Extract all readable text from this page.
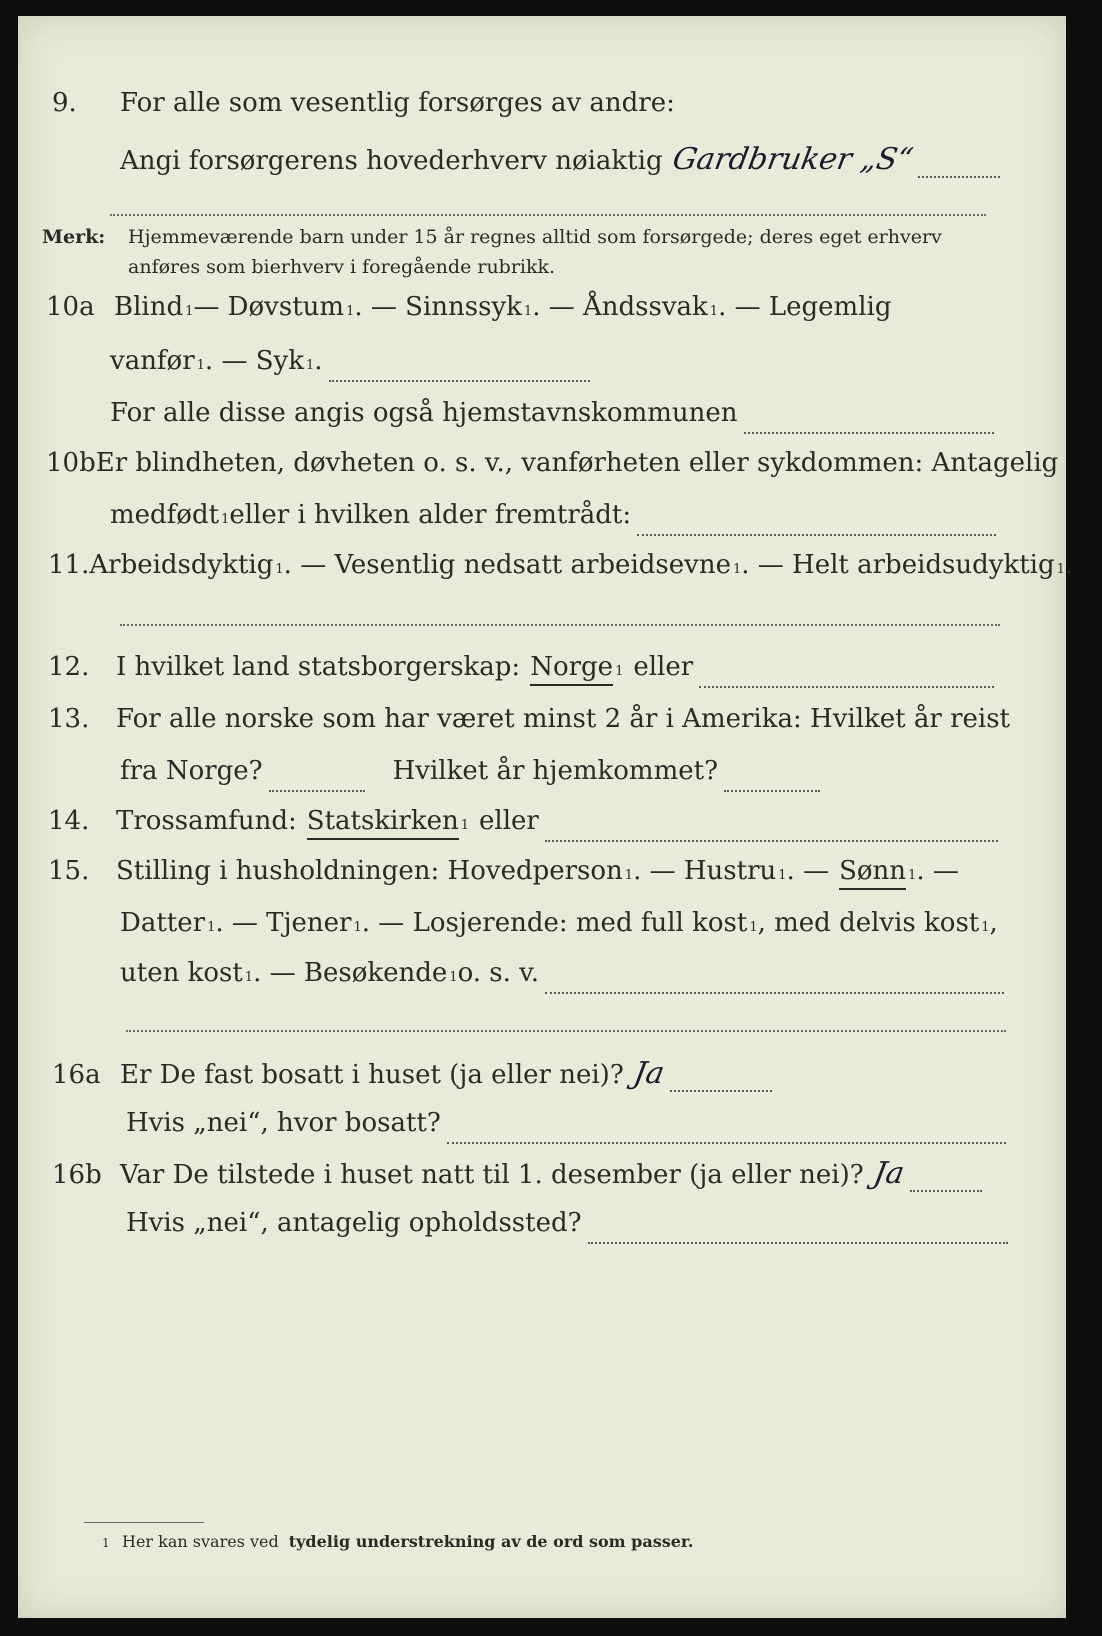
9.	For alle som vesentlig forsørges av andre:
Angi forsørgerens hovederhverv nøiaktig Gardbruker „S“
Merk:	Hjemmeværende barn under 15 år regnes alltid som forsørgede; deres eget erhverv
anføres som bierhverv i foregående rubrikk.
10a Blind 1 — Døvstum 1 . — Sinnssyk 1 . — Åndssvak 1 . — Legemlig
vanfør 1 . — Syk 1 .
For alle disse angis også hjemstavnskommunen
10b Er blindheten, døvheten o. s. v., vanførheten eller sykdommen: Antagelig
medfødt 1 eller i hvilken alder fremtrådt:
11. Arbeidsdyktig 1 . — Vesentlig nedsatt arbeidsevne 1 . — Helt arbeidsudyktig 1 .
12.	I hvilket land statsborgerskap: Norge 1 eller
13.	For alle norske som har været minst 2 år i Amerika: Hvilket år reist
fra Norge?	Hvilket år hjemkommet?
14.	Trossamfund: Statskirken 1 eller
15.	Stilling i husholdningen: Hovedperson 1 . — Hustru 1 . — Sønn 1 . —
Datter 1 . — Tjener 1 . — Losjerende: med full kost 1 , med delvis kost 1 ,
uten kost 1 . — Besøkende 1 o. s. v.
16a Er De fast bosatt i huset (ja eller nei)? Ja
Hvis „nei“, hvor bosatt?
16b Var De tilstede i huset natt til 1. desember (ja eller nei)? Ja
Hvis „nei“, antagelig opholdssted?
1 Her kan svares ved tydelig understrekning av de ord som passer.
